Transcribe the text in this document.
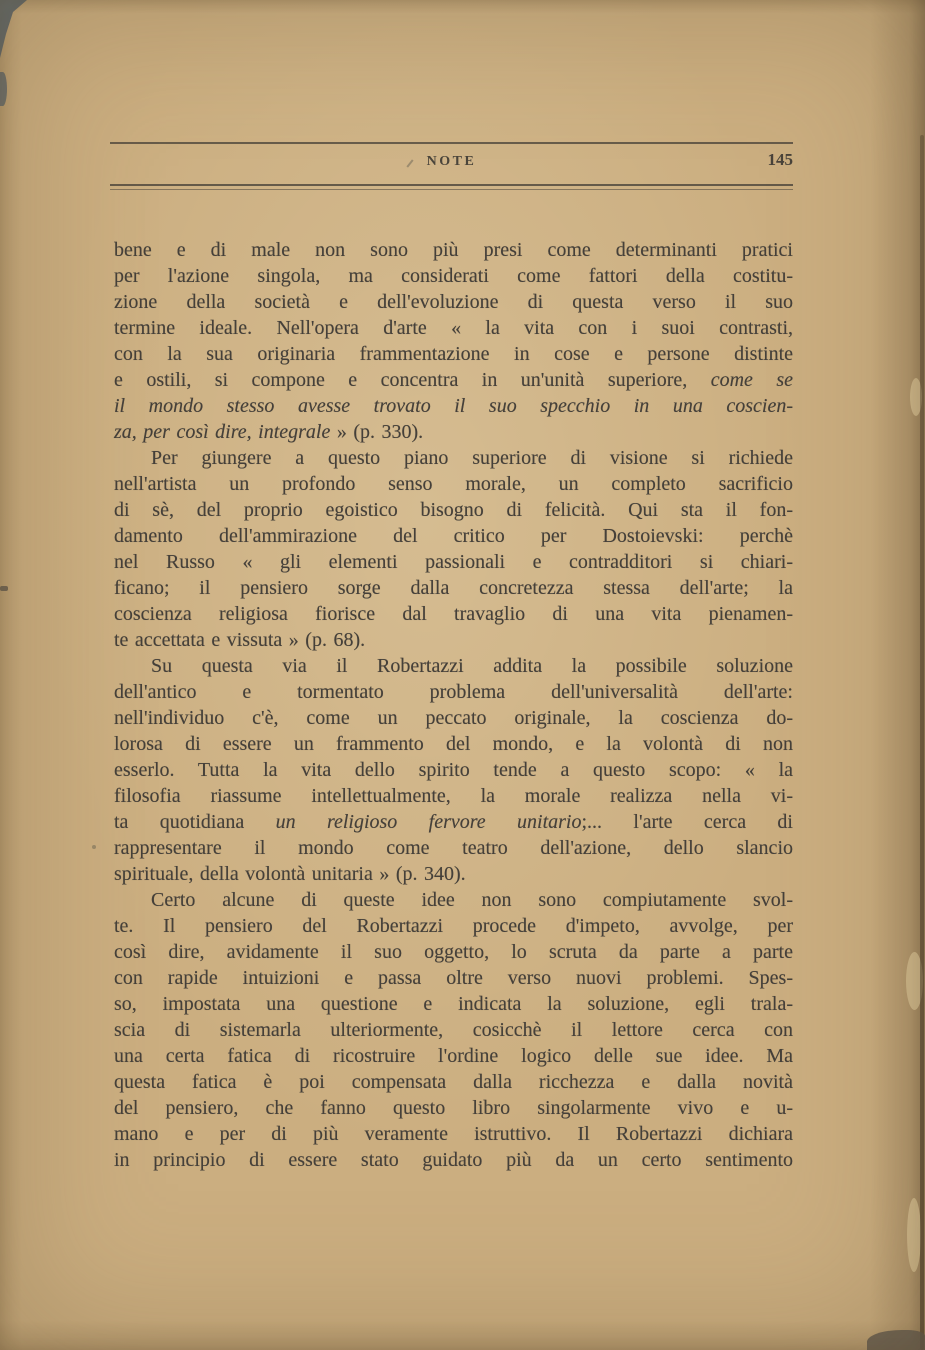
NOTE	145
bene e di male non sono più presi come determinanti pratici
per l'azione singola, ma considerati come fattori della costitu-
zione della società e dell'evoluzione di questa verso il suo
termine ideale. Nell'opera d'arte « la vita con i suoi contrasti,
con la sua originaria frammentazione in cose e persone distinte
e ostili, si compone e concentra in un'unità superiore, come se
il mondo stesso avesse trovato il suo specchio in una coscien-
za, per così dire, integrale » (p. 330).
Per giungere a questo piano superiore di visione si richiede
nell'artista un profondo senso morale, un completo sacrificio
di sè, del proprio egoistico bisogno di felicità. Qui sta il fon-
damento dell'ammirazione del critico per Dostoievski: perchè
nel Russo « gli elementi passionali e contradditori si chiari-
ficano; il pensiero sorge dalla concretezza stessa dell'arte; la
coscienza religiosa fiorisce dal travaglio di una vita pienamen-
te accettata e vissuta » (p. 68).
Su questa via il Robertazzi addita la possibile soluzione
dell'antico e tormentato problema dell'universalità dell'arte:
nell'individuo c'è, come un peccato originale, la coscienza do-
lorosa di essere un frammento del mondo, e la volontà di non
esserlo. Tutta la vita dello spirito tende a questo scopo: « la
filosofia riassume intellettualmente, la morale realizza nella vi-
ta quotidiana un religioso fervore unitario;... l'arte cerca di
rappresentare il mondo come teatro dell'azione, dello slancio
spirituale, della volontà unitaria » (p. 340).
Certo alcune di queste idee non sono compiutamente svol-
te. Il pensiero del Robertazzi procede d'impeto, avvolge, per
così dire, avidamente il suo oggetto, lo scruta da parte a parte
con rapide intuizioni e passa oltre verso nuovi problemi. Spes-
so, impostata una questione e indicata la soluzione, egli trala-
scia di sistemarla ulteriormente, cosicchè il lettore cerca con
una certa fatica di ricostruire l'ordine logico delle sue idee. Ma
questa fatica è poi compensata dalla ricchezza e dalla novità
del pensiero, che fanno questo libro singolarmente vivo e u-
mano e per di più veramente istruttivo. Il Robertazzi dichiara
in principio di essere stato guidato più da un certo sentimento
